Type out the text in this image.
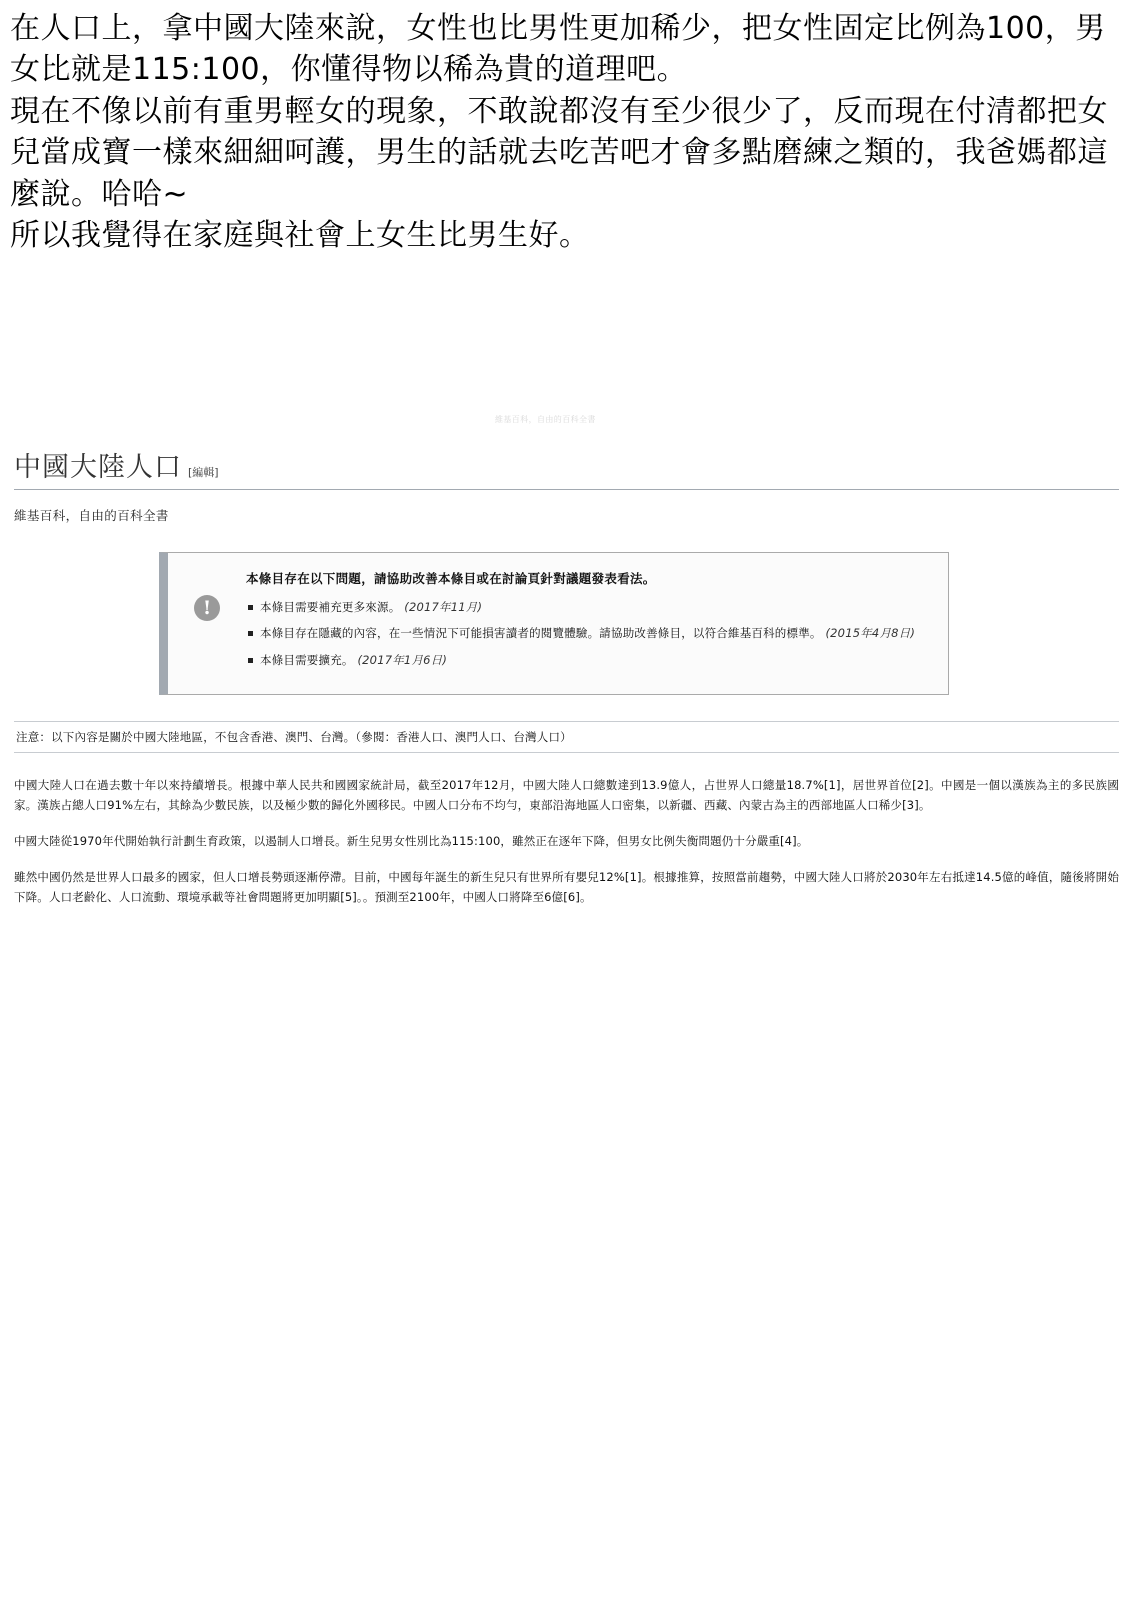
在人口上，拿中國大陸來說，女性也比男性更加稀少，把女性固定比例為100，男女比就是115:100，你懂得物以稀為貴的道理吧。

現在不像以前有重男輕女的現象，不敢說都沒有至少很少了，反而現在付清都把女兒當成寶一樣來細細呵護，男生的話就去吃苦吧才會多點磨練之類的，我爸媽都這麼說。哈哈~

所以我覺得在家庭與社會上女生比男生好。

維基百科，自由的百科全書
中國大陸人口 [編輯]
維基百科，自由的百科全書
!
本條目存在以下問題，請協助改善本條目或在討論頁針對議題發表看法。
本條目需要補充更多來源。 (2017年11月)
本條目存在隱藏的內容，在一些情況下可能損害讀者的閱覽體驗。請協助改善條目，以符合維基百科的標準。 (2015年4月8日)
本條目需要擴充。 (2017年1月6日)
注意：以下內容是關於中國大陸地區，不包含香港、澳門、台灣。（參閱：香港人口、澳門人口、台灣人口）

中國大陸人口在過去數十年以來持續增長。根據中華人民共和國國家統計局，截至2017年12月，中國大陸人口總數達到13.9億人，占世界人口總量18.7%[1]，居世界首位[2]。中國是一個以漢族為主的多民族國家。漢族占總人口91%左右，其餘為少數民族，以及極少數的歸化外國移民。中國人口分布不均勻，東部沿海地區人口密集，以新疆、西藏、內蒙古為主的西部地區人口稀少[3]。

中國大陸從1970年代開始執行計劃生育政策，以遏制人口增長。新生兒男女性別比為115:100，雖然正在逐年下降，但男女比例失衡問題仍十分嚴重[4]。

雖然中國仍然是世界人口最多的國家，但人口增長勢頭逐漸停滯。目前，中國每年誕生的新生兒只有世界所有嬰兒12%[1]。根據推算，按照當前趨勢，中國大陸人口將於2030年左右抵達14.5億的峰值，隨後將開始下降。人口老齡化、人口流動、環境承載等社會問題將更加明顯[5]。。預測至2100年，中國人口將降至6億[6]。
